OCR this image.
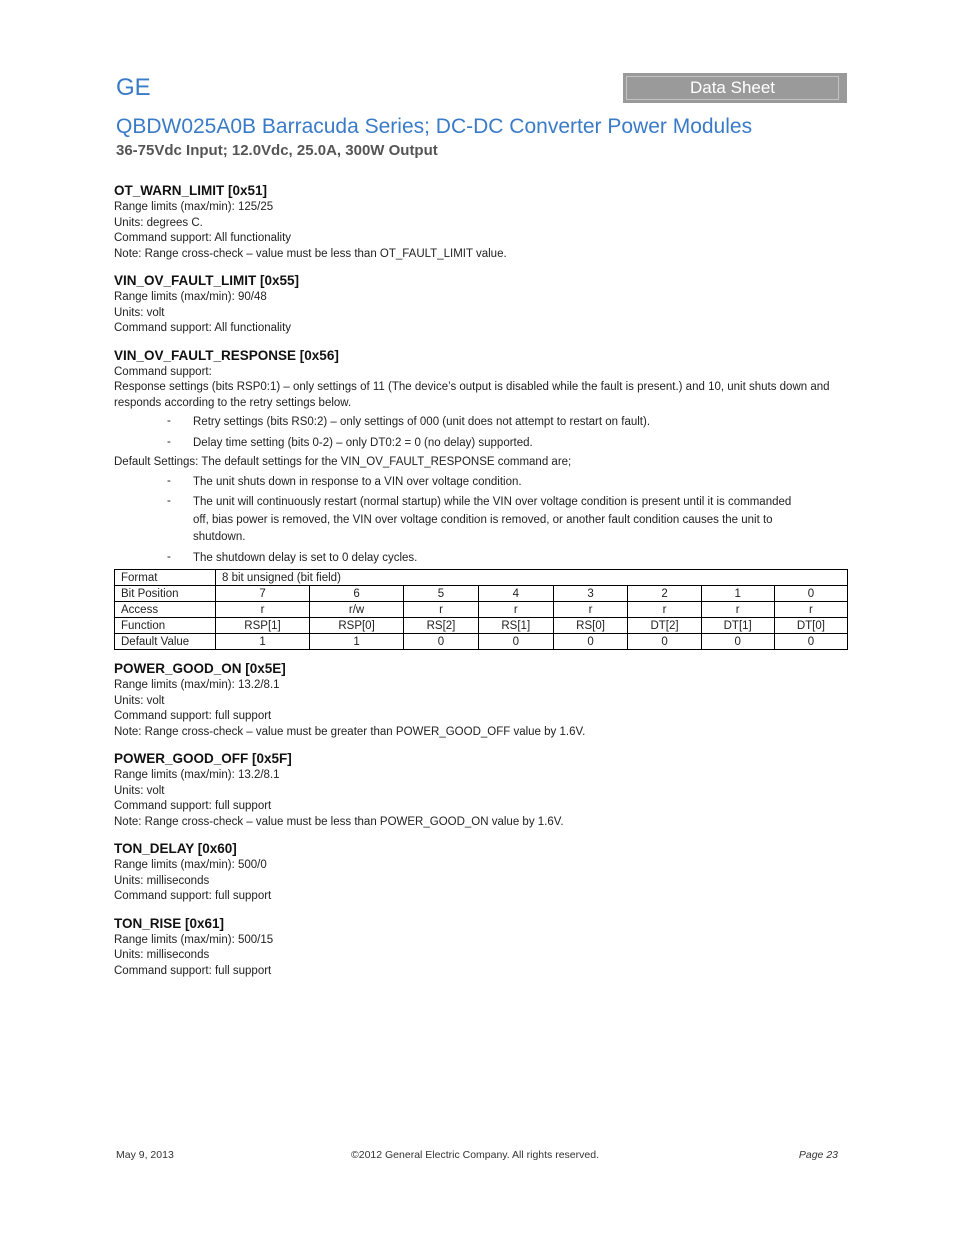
GE	Data Sheet
QBDW025A0B Barracuda Series; DC-DC Converter Power Modules
36-75Vdc Input; 12.0Vdc, 25.0A, 300W Output
OT_WARN_LIMIT [0x51]
Range limits (max/min): 125/25
Units: degrees C.
Command support: All functionality
Note: Range cross-check – value must be less than OT_FAULT_LIMIT value.
VIN_OV_FAULT_LIMIT [0x55]
Range limits (max/min): 90/48
Units: volt
Command support: All functionality
VIN_OV_FAULT_RESPONSE [0x56]
Command support:
Response settings (bits RSP0:1) – only settings of 11 (The device’s output is disabled while the fault is present.) and 10, unit shuts down and responds according to the retry settings below.
- Retry settings (bits RS0:2) – only settings of 000 (unit does not attempt to restart on fault).
- Delay time setting (bits 0-2) – only DT0:2 = 0 (no delay) supported.
Default Settings: The default settings for the VIN_OV_FAULT_RESPONSE command are;
- The unit shuts down in response to a VIN over voltage condition.
- The unit will continuously restart (normal startup) while the VIN over voltage condition is present until it is commanded off, bias power is removed, the VIN over voltage condition is removed, or another fault condition causes the unit to shutdown.
- The shutdown delay is set to 0 delay cycles.
Format	8 bit unsigned (bit field)							
Bit Position	7	6	5	4	3	2	1	0
Access	r	r/w	r	r	r	r	r	r
Function	RSP[1]	RSP[0]	RS[2]	RS[1]	RS[0]	DT[2]	DT[1]	DT[0]
Default Value	1	1	0	0	0	0	0	0
POWER_GOOD_ON [0x5E]
Range limits (max/min): 13.2/8.1
Units: volt
Command support: full support
Note: Range cross-check – value must be greater than POWER_GOOD_OFF value by 1.6V.
POWER_GOOD_OFF [0x5F]
Range limits (max/min): 13.2/8.1
Units: volt
Command support: full support
Note: Range cross-check – value must be less than POWER_GOOD_ON value by 1.6V.
TON_DELAY [0x60]
Range limits (max/min): 500/0
Units: milliseconds
Command support: full support
TON_RISE [0x61]
Range limits (max/min): 500/15
Units: milliseconds
Command support: full support
May 9, 2013	©2012 General Electric Company. All rights reserved.	Page 23
